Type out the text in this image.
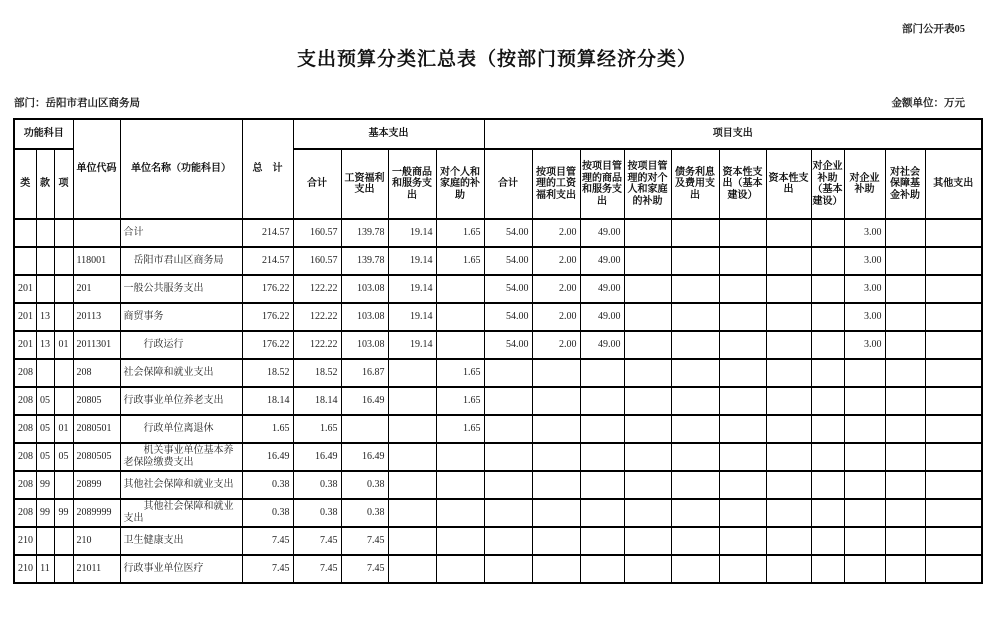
部门公开表05
支出预算分类汇总表（按部门预算经济分类）
部门：岳阳市君山区商务局	金额单位：万元
功能科目			单位代码	单位名称（功能科目）	总　计	基本支出				项目支出										
类	款	项				合计	工资福利支出	一般商品和服务支出	对个人和家庭的补助	合计	按项目管理的工资福利支出	按项目管理的商品和服务支出	按项目管理的对个人和家庭的补助	债务利息及费用支出	资本性支出（基本建设）	资本性支出	对企业补助（基本建设）	对企业补助	对社会保障基金补助	其他支出
				合计	214.57	160.57	139.78	19.14	1.65	54.00	2.00	49.00						3.00		
			118001	　岳阳市君山区商务局	214.57	160.57	139.78	19.14	1.65	54.00	2.00	49.00						3.00		
201			201	一般公共服务支出	176.22	122.22	103.08	19.14		54.00	2.00	49.00						3.00		
201	13		20113	商贸事务	176.22	122.22	103.08	19.14		54.00	2.00	49.00						3.00		
201	13	01	2011301	　　行政运行	176.22	122.22	103.08	19.14		54.00	2.00	49.00						3.00		
208			208	社会保障和就业支出	18.52	18.52	16.87		1.65											
208	05		20805	行政事业单位养老支出	18.14	18.14	16.49		1.65											
208	05	01	2080501	　　行政单位离退休	1.65	1.65			1.65											
208	05	05	2080505	　　机关事业单位基本养老保险缴费支出	16.49	16.49	16.49													
208	99		20899	其他社会保障和就业支出	0.38	0.38	0.38													
208	99	99	2089999	　　其他社会保障和就业支出	0.38	0.38	0.38													
210			210	卫生健康支出	7.45	7.45	7.45													
210	11		21011	行政事业单位医疗	7.45	7.45	7.45													
